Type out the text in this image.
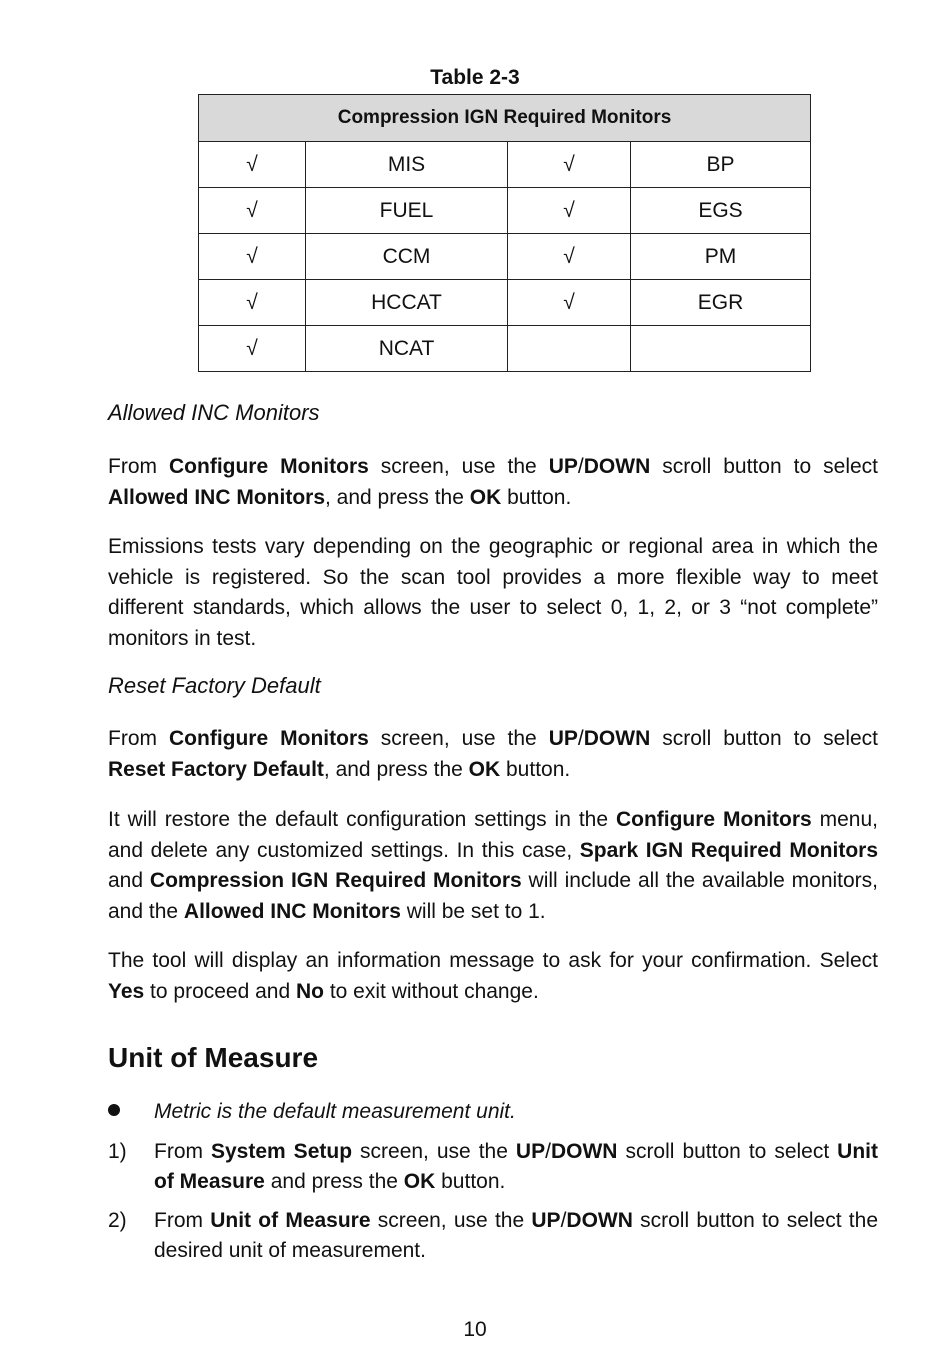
Table 2-3
Compression IGN Required Monitors			
√	MIS	√	BP
√	FUEL	√	EGS
√	CCM	√	PM
√	HCCAT	√	EGR
√	NCAT		
Allowed INC Monitors

From Configure Monitors screen, use the UP/DOWN scroll button to select Allowed INC Monitors, and press the OK button.

Emissions tests vary depending on the geographic or regional area in which the vehicle is registered. So the scan tool provides a more flexible way to meet different standards, which allows the user to select 0, 1, 2, or 3 “not complete” monitors in test.

Reset Factory Default

From Configure Monitors screen, use the UP/DOWN scroll button to select Reset Factory Default, and press the OK button.

It will restore the default configuration settings in the Configure Monitors menu, and delete any customized settings. In this case, Spark IGN Required Monitors and Compression IGN Required Monitors will include all the available monitors, and the Allowed INC Monitors will be set to 1.

The tool will display an information message to ask for your confirmation. Select Yes to proceed and No to exit without change.

Unit of Measure
Metric is the default measurement unit.
1) From System Setup screen, use the UP/DOWN scroll button to select Unit of Measure and press the OK button.
2) From Unit of Measure screen, use the UP/DOWN scroll button to select the desired unit of measurement.
10
